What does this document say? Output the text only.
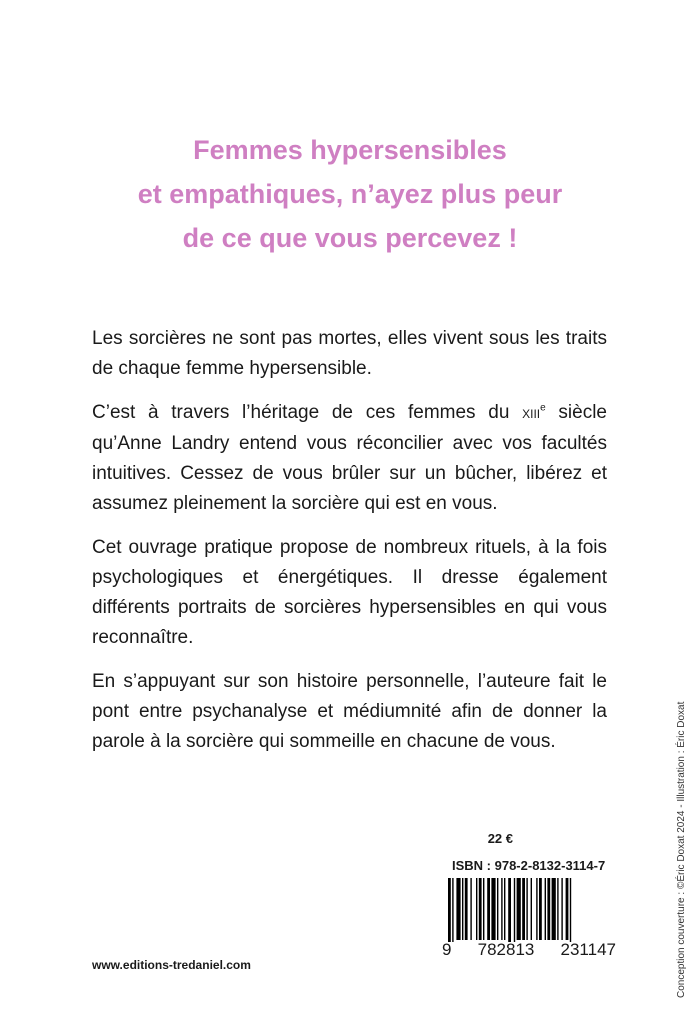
Femmes hypersensibles
et empathiques, n’ayez plus peur
de ce que vous percevez !

Les sorcières ne sont pas mortes, elles vivent sous les traits de chaque femme hypersensible.

C’est à travers l’héritage de ces femmes du XIIIe siècle qu’Anne Landry entend vous réconcilier avec vos facultés intuitives. Cessez de vous brûler sur un bûcher, libérez et assumez pleinement la sorcière qui est en vous.

Cet ouvrage pratique propose de nombreux rituels, à la fois psychologiques et énergétiques. Il dresse également différents portraits de sorcières hypersensibles en qui vous reconnaître.

En s’appuyant sur son histoire personnelle, l’auteure fait le pont entre psychanalyse et médiumnité afin de donner la parole à la sorcière qui sommeille en chacune de vous.

22 €
ISBN : 978-2-8132-3114-7
9 782813 231147
www.editions-tredaniel.com	Conception couverture : ©Éric Doxat 2024 - Illustration : Éric Doxat
